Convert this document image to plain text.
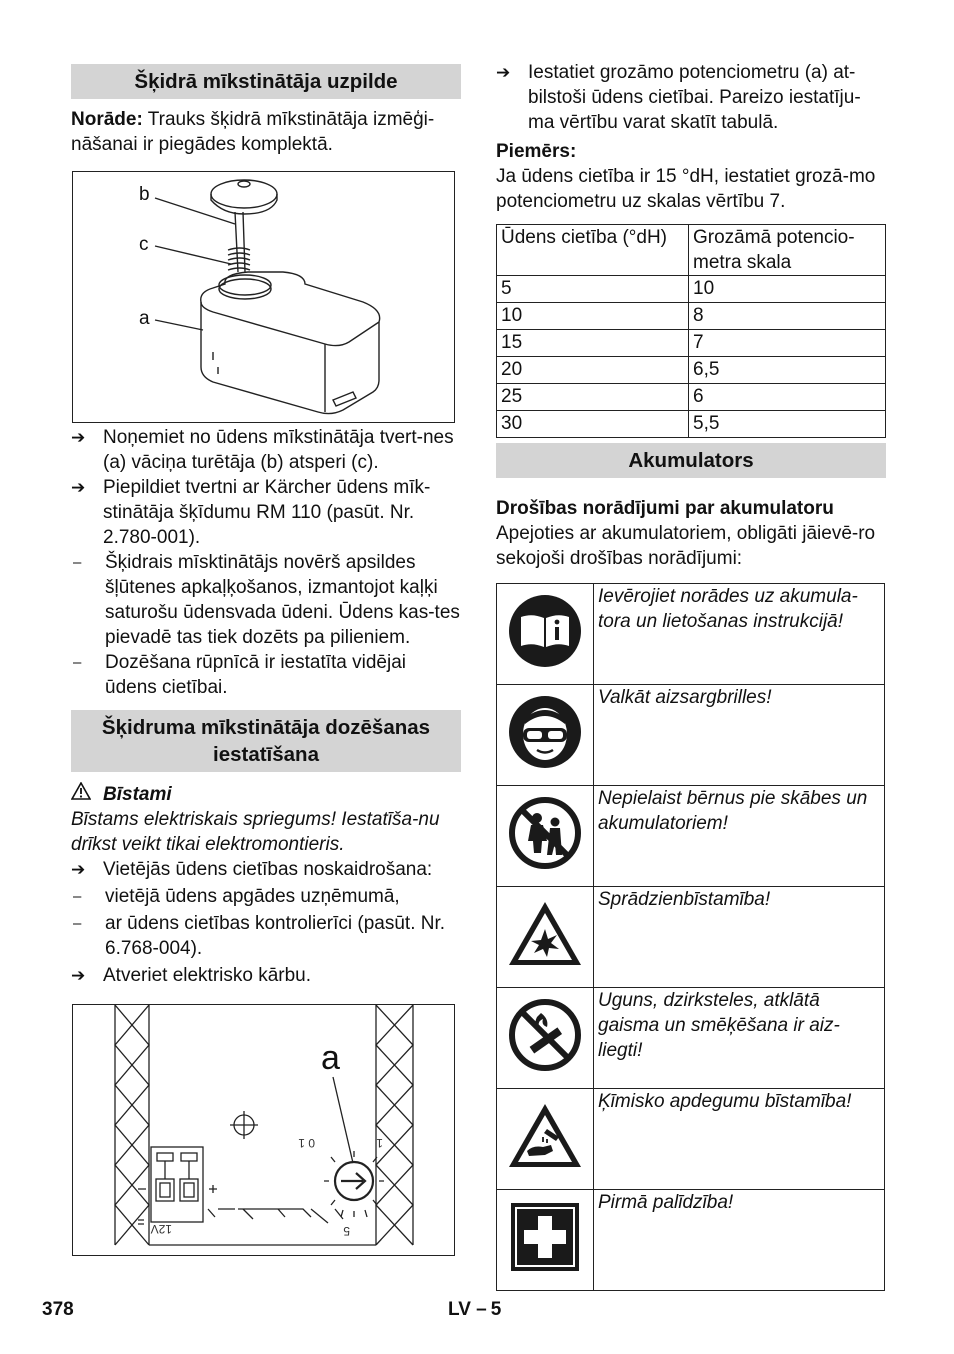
Šķidrā mīkstinātāja uzpilde

Norāde: Trauks šķidrā mīkstinātāja izmēģi-nāšanai ir piegādes komplektā.

b
c
a
➔ Noņemiet no ūdens mīkstinātāja tvert-nes (a) vāciņa turētāja (b) atsperi (c).
➔ Piepildiet tvertni ar Kärcher ūdens mīk-stinātāja šķīdumu RM 110 (pasūt. Nr. 2.780-001).
–	Šķidrais mīsktinātājs novērš apsildes šļūtenes apkaļķošanos, izmantojot kaļķi saturošu ūdensvada ūdeni. Ūdens kas-tes pievadē tas tiek dozēts pa pilieniem.
–	Dozēšana rūpnīcā ir iestatīta vidējai ūdens cietībai.
Šķidruma mīkstinātāja dozēšanas iestatīšana
Bīstami

Bīstams elektriskais spriegums! Iestatīša-nu drīkst veikt tikai elektromontieris.

➔ Vietējās ūdens cietības noskaidrošana:
–	vietējā ūdens apgādes uzņēmumā,
–	ar ūdens cietības kontrolierīci (pasūt. Nr. 6.768-004).
➔ Atveriet elektrisko kārbu.
a
0 1	1
5
12V
➔ Iestatiet grozāmo potenciometru (a) at-bilstoši ūdens cietībai. Pareizo iestatīju-ma vērtību varat skatīt tabulā.

Piemērs:

Ja ūdens cietība ir 15 °dH, iestatiet grozā-mo potenciometru uz skalas vērtību 7.

Ūdens cietība (°dH)	Grozāmā potencio-metra skala
5	10
10	8
15	7
20	6,5
25	6
30	5,5
Akumulators

Drošības norādījumi par akumulatoru

Apejoties ar akumulatoriem, obligāti jāievē-ro sekojoši drošības norādījumi:

	Ievērojiet norādes uz akumula-tora un lietošanas instrukcijā!
	Valkāt aizsargbrilles!
	Nepielaist bērnus pie skābes un akumulatoriem!
	Sprādzienbīstamība!
	Uguns, dzirksteles, atklātā gaisma un smēķēšana ir aiz-liegti!
	Ķīmisko apdegumu bīstamība!
	Pirmā palīdzība!
378	LV – 5
